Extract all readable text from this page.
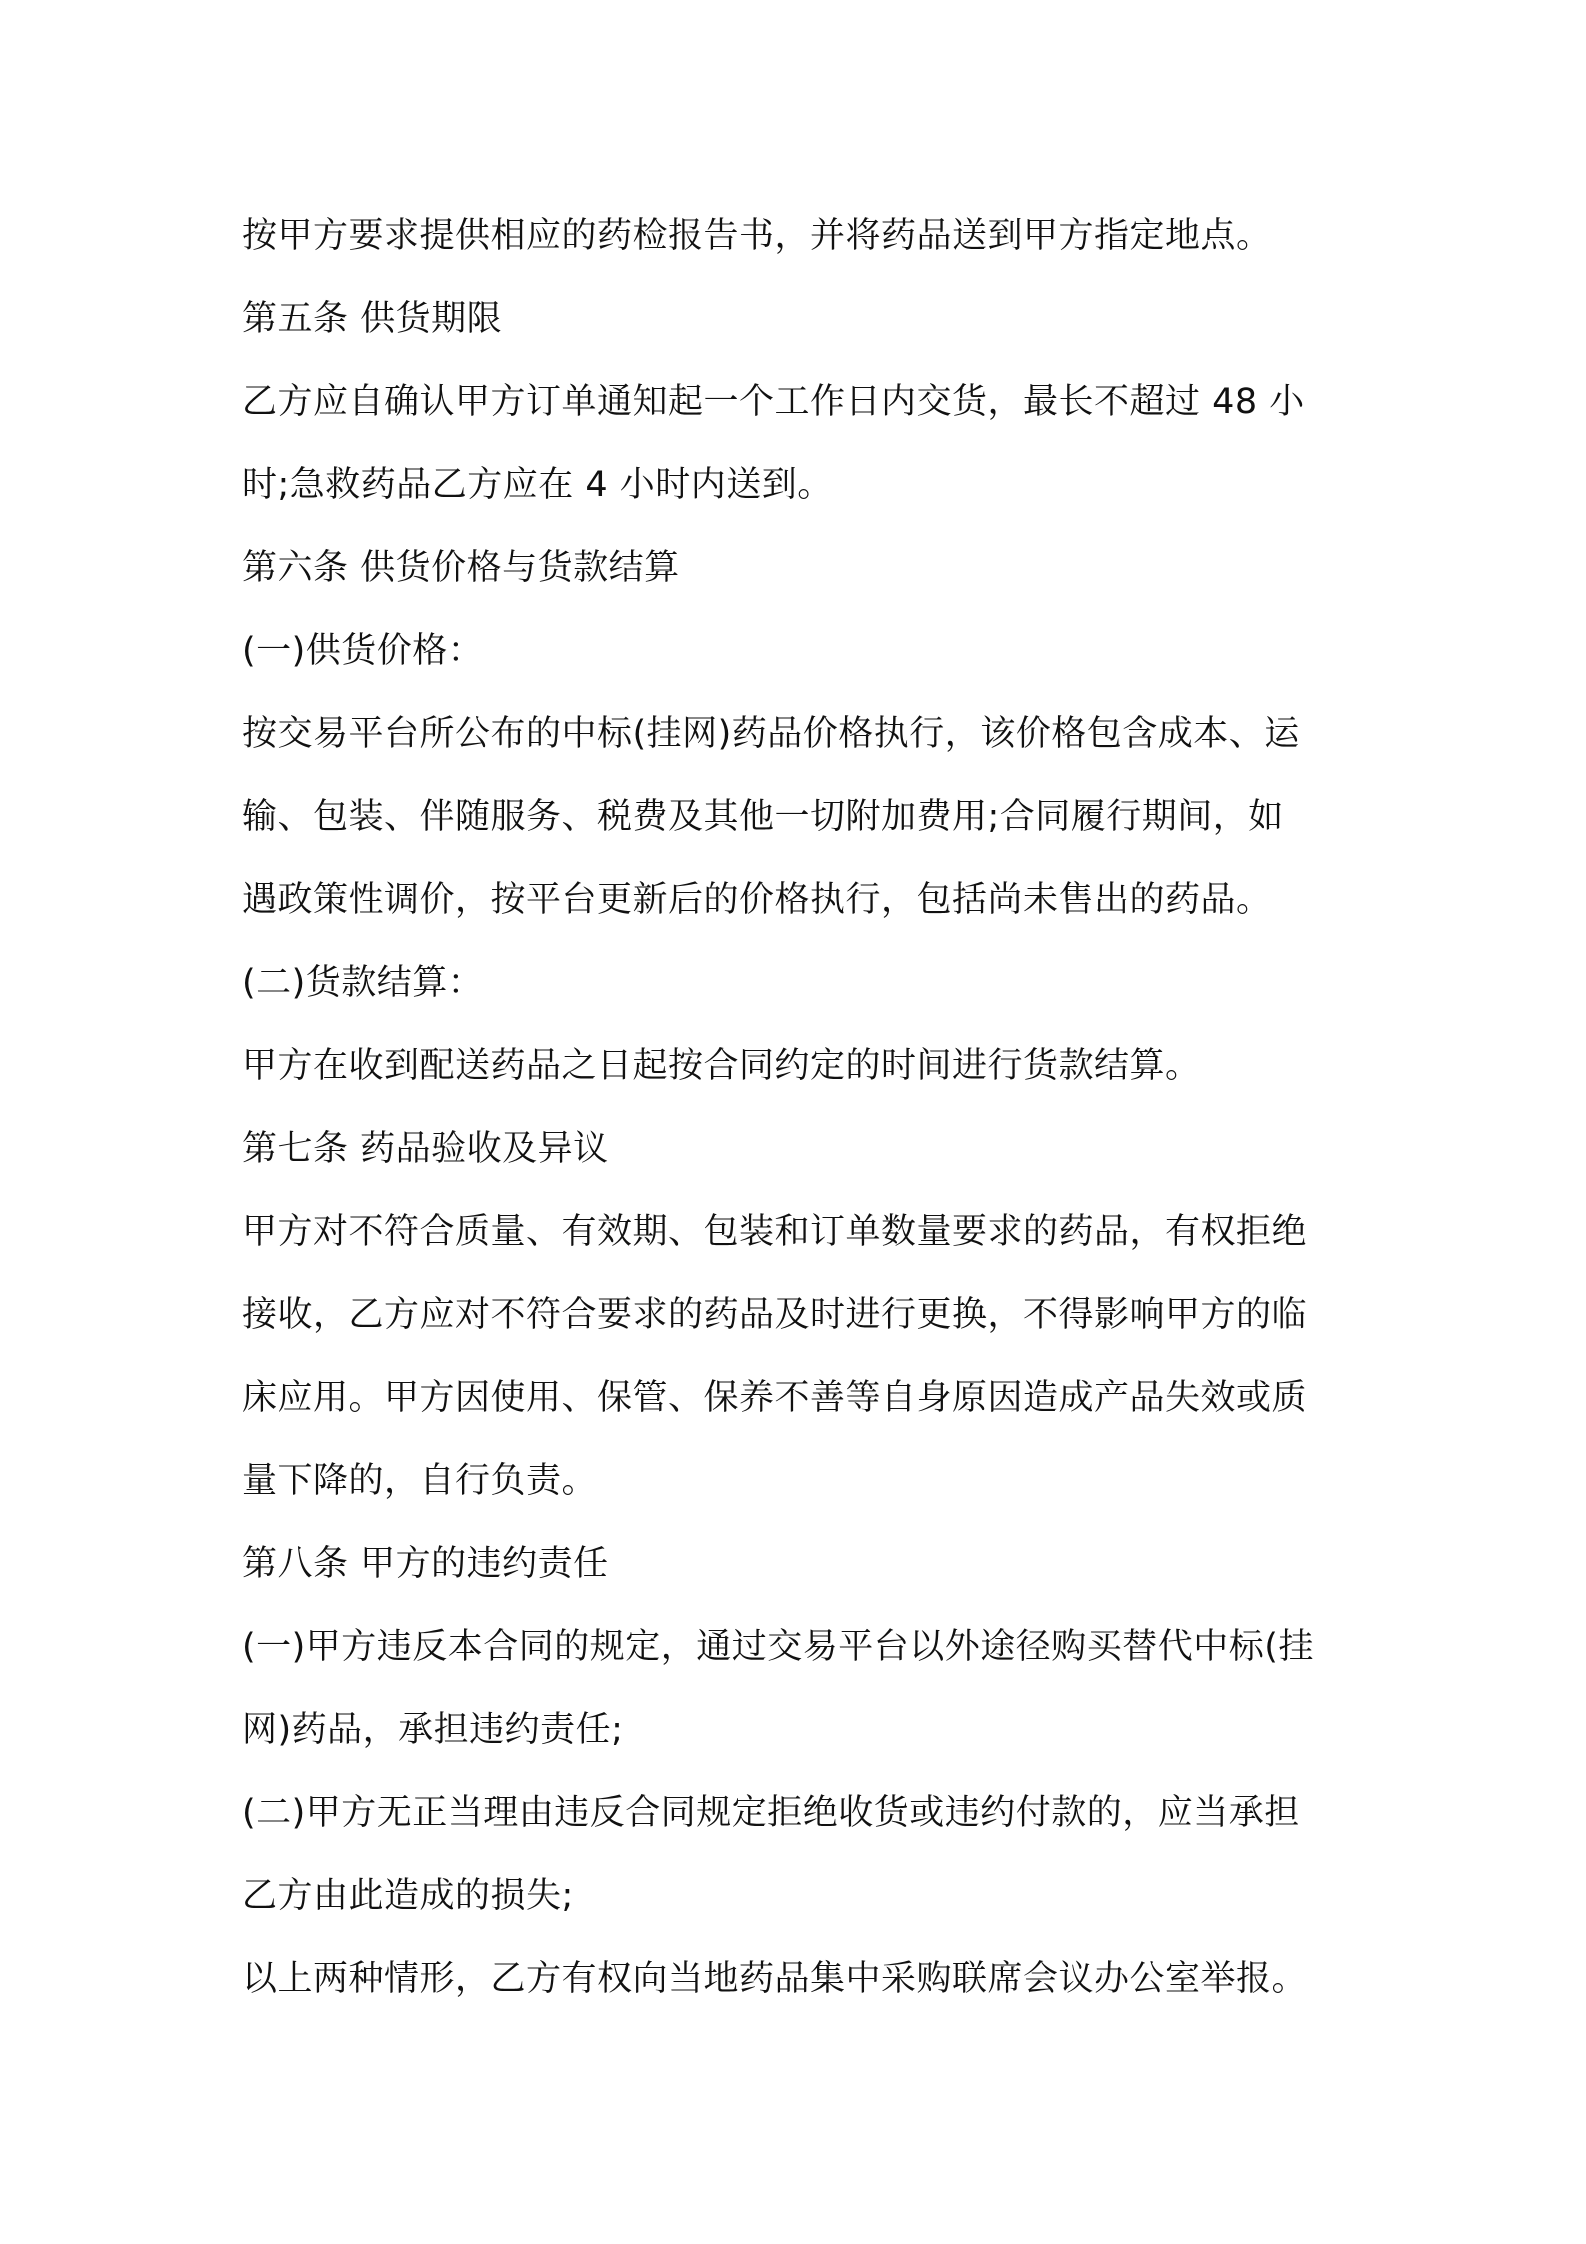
按甲方要求提供相应的药检报告书，并将药品送到甲方指定地点。
第五条 供货期限
乙方应自确认甲方订单通知起一个工作日内交货，最长不超过 48 小
时;急救药品乙方应在 4 小时内送到。
第六条 供货价格与货款结算
(一)供货价格：
按交易平台所公布的中标(挂网)药品价格执行，该价格包含成本、运
输、包装、伴随服务、税费及其他一切附加费用;合同履行期间，如
遇政策性调价，按平台更新后的价格执行，包括尚未售出的药品。
(二)货款结算：
甲方在收到配送药品之日起按合同约定的时间进行货款结算。
第七条 药品验收及异议
甲方对不符合质量、有效期、包装和订单数量要求的药品，有权拒绝
接收，乙方应对不符合要求的药品及时进行更换，不得影响甲方的临
床应用。甲方因使用、保管、保养不善等自身原因造成产品失效或质
量下降的，自行负责。
第八条 甲方的违约责任
(一)甲方违反本合同的规定，通过交易平台以外途径购买替代中标(挂
网)药品，承担违约责任;
(二)甲方无正当理由违反合同规定拒绝收货或违约付款的，应当承担
乙方由此造成的损失;
以上两种情形，乙方有权向当地药品集中采购联席会议办公室举报。
